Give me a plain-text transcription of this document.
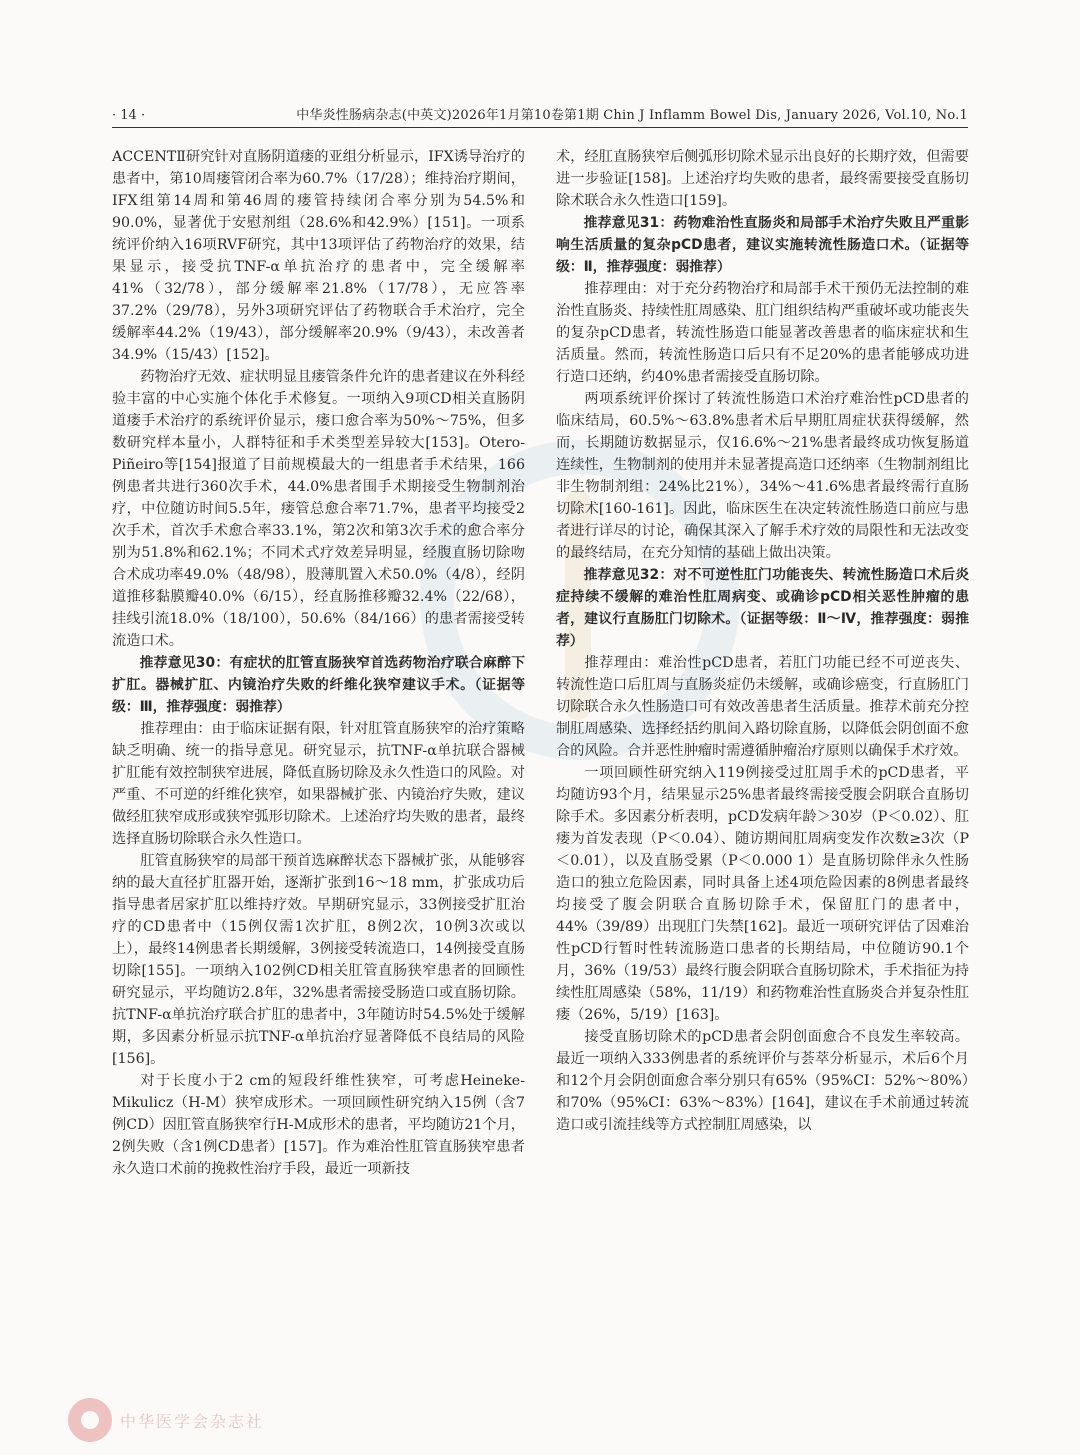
· 14 ·	中华炎性肠病杂志(中英文)2026年1月第10卷第1期 Chin J Inflamm Bowel Dis, January 2026, Vol.10, No.1

ACCENTⅡ研究针对直肠阴道瘘的亚组分析显示，IFX诱导治疗的患者中，第10周瘘管闭合率为60.7%（17/28）；维持治疗期间，IFX组第14周和第46周的瘘管持续闭合率分别为54.5%和90.0%，显著优于安慰剂组（28.6%和42.9%）[151]。一项系统评价纳入16项RVF研究，其中13项评估了药物治疗的效果，结果显示，接受抗TNF-α单抗治疗的患者中，完全缓解率41%（32/78），部分缓解率21.8%（17/78），无应答率37.2%（29/78），另外3项研究评估了药物联合手术治疗，完全缓解率44.2%（19/43），部分缓解率20.9%（9/43），未改善者34.9%（15/43）[152]。

药物治疗无效、症状明显且瘘管条件允许的患者建议在外科经验丰富的中心实施个体化手术修复。一项纳入9项CD相关直肠阴道瘘手术治疗的系统评价显示，瘘口愈合率为50%～75%，但多数研究样本量小，人群特征和手术类型差异较大[153]。Otero-Piñeiro等[154]报道了目前规模最大的一组患者手术结果，166例患者共进行360次手术，44.0%患者围手术期接受生物制剂治疗，中位随访时间5.5年，瘘管总愈合率71.7%，患者平均接受2次手术，首次手术愈合率33.1%，第2次和第3次手术的愈合率分别为51.8%和62.1%；不同术式疗效差异明显，经腹直肠切除吻合术成功率49.0%（48/98），股薄肌置入术50.0%（4/8），经阴道推移黏膜瓣40.0%（6/15），经直肠推移瓣32.4%（22/68），挂线引流18.0%（18/100），50.6%（84/166）的患者需接受转流造口术。

推荐意见30：有症状的肛管直肠狭窄首选药物治疗联合麻醉下扩肛。器械扩肛、内镜治疗失败的纤维化狭窄建议手术。（证据等级：Ⅲ，推荐强度：弱推荐）

推荐理由：由于临床证据有限，针对肛管直肠狭窄的治疗策略缺乏明确、统一的指导意见。研究显示，抗TNF-α单抗联合器械扩肛能有效控制狭窄进展，降低直肠切除及永久性造口的风险。对严重、不可逆的纤维化狭窄，如果器械扩张、内镜治疗失败，建议做经肛狭窄成形或狭窄弧形切除术。上述治疗均失败的患者，最终选择直肠切除联合永久性造口。

肛管直肠狭窄的局部干预首选麻醉状态下器械扩张，从能够容纳的最大直径扩肛器开始，逐渐扩张到16～18 mm，扩张成功后指导患者居家扩肛以维持疗效。早期研究显示，33例接受扩肛治疗的CD患者中（15例仅需1次扩肛，8例2次，10例3次或以上），最终14例患者长期缓解，3例接受转流造口，14例接受直肠切除[155]。一项纳入102例CD相关肛管直肠狭窄患者的回顾性研究显示，平均随访2.8年，32%患者需接受肠造口或直肠切除。抗TNF-α单抗治疗联合扩肛的患者中，3年随访时54.5%处于缓解期，多因素分析显示抗TNF-α单抗治疗显著降低不良结局的风险[156]。

对于长度小于2 cm的短段纤维性狭窄，可考虑Heineke-Mikulicz（H-M）狭窄成形术。一项回顾性研究纳入15例（含7例CD）因肛管直肠狭窄行H-M成形术的患者，平均随访21个月，2例失败（含1例CD患者）[157]。作为难治性肛管直肠狭窄患者永久造口术前的挽救性治疗手段，最近一项新技

术，经肛直肠狭窄后侧弧形切除术显示出良好的长期疗效，但需要进一步验证[158]。上述治疗均失败的患者，最终需要接受直肠切除术联合永久性造口[159]。

推荐意见31：药物难治性直肠炎和局部手术治疗失败且严重影响生活质量的复杂pCD患者，建议实施转流性肠造口术。（证据等级：Ⅱ，推荐强度：弱推荐）

推荐理由：对于充分药物治疗和局部手术干预仍无法控制的难治性直肠炎、持续性肛周感染、肛门组织结构严重破坏或功能丧失的复杂pCD患者，转流性肠造口能显著改善患者的临床症状和生活质量。然而，转流性肠造口后只有不足20%的患者能够成功进行造口还纳，约40%患者需接受直肠切除。

两项系统评价探讨了转流性肠造口术治疗难治性pCD患者的临床结局，60.5%～63.8%患者术后早期肛周症状获得缓解，然而，长期随访数据显示，仅16.6%～21%患者最终成功恢复肠道连续性，生物制剂的使用并未显著提高造口还纳率（生物制剂组比非生物制剂组：24%比21%），34%～41.6%患者最终需行直肠切除术[160-161]。因此，临床医生在决定转流性肠造口前应与患者进行详尽的讨论，确保其深入了解手术疗效的局限性和无法改变的最终结局，在充分知情的基础上做出决策。

推荐意见32：对不可逆性肛门功能丧失、转流性肠造口术后炎症持续不缓解的难治性肛周病变、或确诊pCD相关恶性肿瘤的患者，建议行直肠肛门切除术。（证据等级：Ⅱ～Ⅳ，推荐强度：弱推荐）

推荐理由：难治性pCD患者，若肛门功能已经不可逆丧失、转流性造口后肛周与直肠炎症仍未缓解，或确诊癌变，行直肠肛门切除联合永久性肠造口可有效改善患者生活质量。推荐术前充分控制肛周感染、选择经括约肌间入路切除直肠，以降低会阴创面不愈合的风险。合并恶性肿瘤时需遵循肿瘤治疗原则以确保手术疗效。

一项回顾性研究纳入119例接受过肛周手术的pCD患者，平均随访93个月，结果显示25%患者最终需接受腹会阴联合直肠切除手术。多因素分析表明，pCD发病年龄＞30岁（P＜0.02）、肛瘘为首发表现（P＜0.04）、随访期间肛周病变发作次数≥3次（P＜0.01），以及直肠受累（P＜0.000 1）是直肠切除伴永久性肠造口的独立危险因素，同时具备上述4项危险因素的8例患者最终均接受了腹会阴联合直肠切除手术，保留肛门的患者中，44%（39/89）出现肛门失禁[162]。最近一项研究评估了因难治性pCD行暂时性转流肠造口患者的长期结局，中位随访90.1个月，36%（19/53）最终行腹会阴联合直肠切除术，手术指征为持续性肛周感染（58%，11/19）和药物难治性直肠炎合并复杂性肛瘘（26%，5/19）[163]。

接受直肠切除术的pCD患者会阴创面愈合不良发生率较高。最近一项纳入333例患者的系统评价与荟萃分析显示，术后6个月和12个月会阴创面愈合率分别只有65%（95%CI：52%～80%）和70%（95%CI：63%～83%）[164]，建议在手术前通过转流造口或引流挂线等方式控制肛周感染，以

中华医学会杂志社
